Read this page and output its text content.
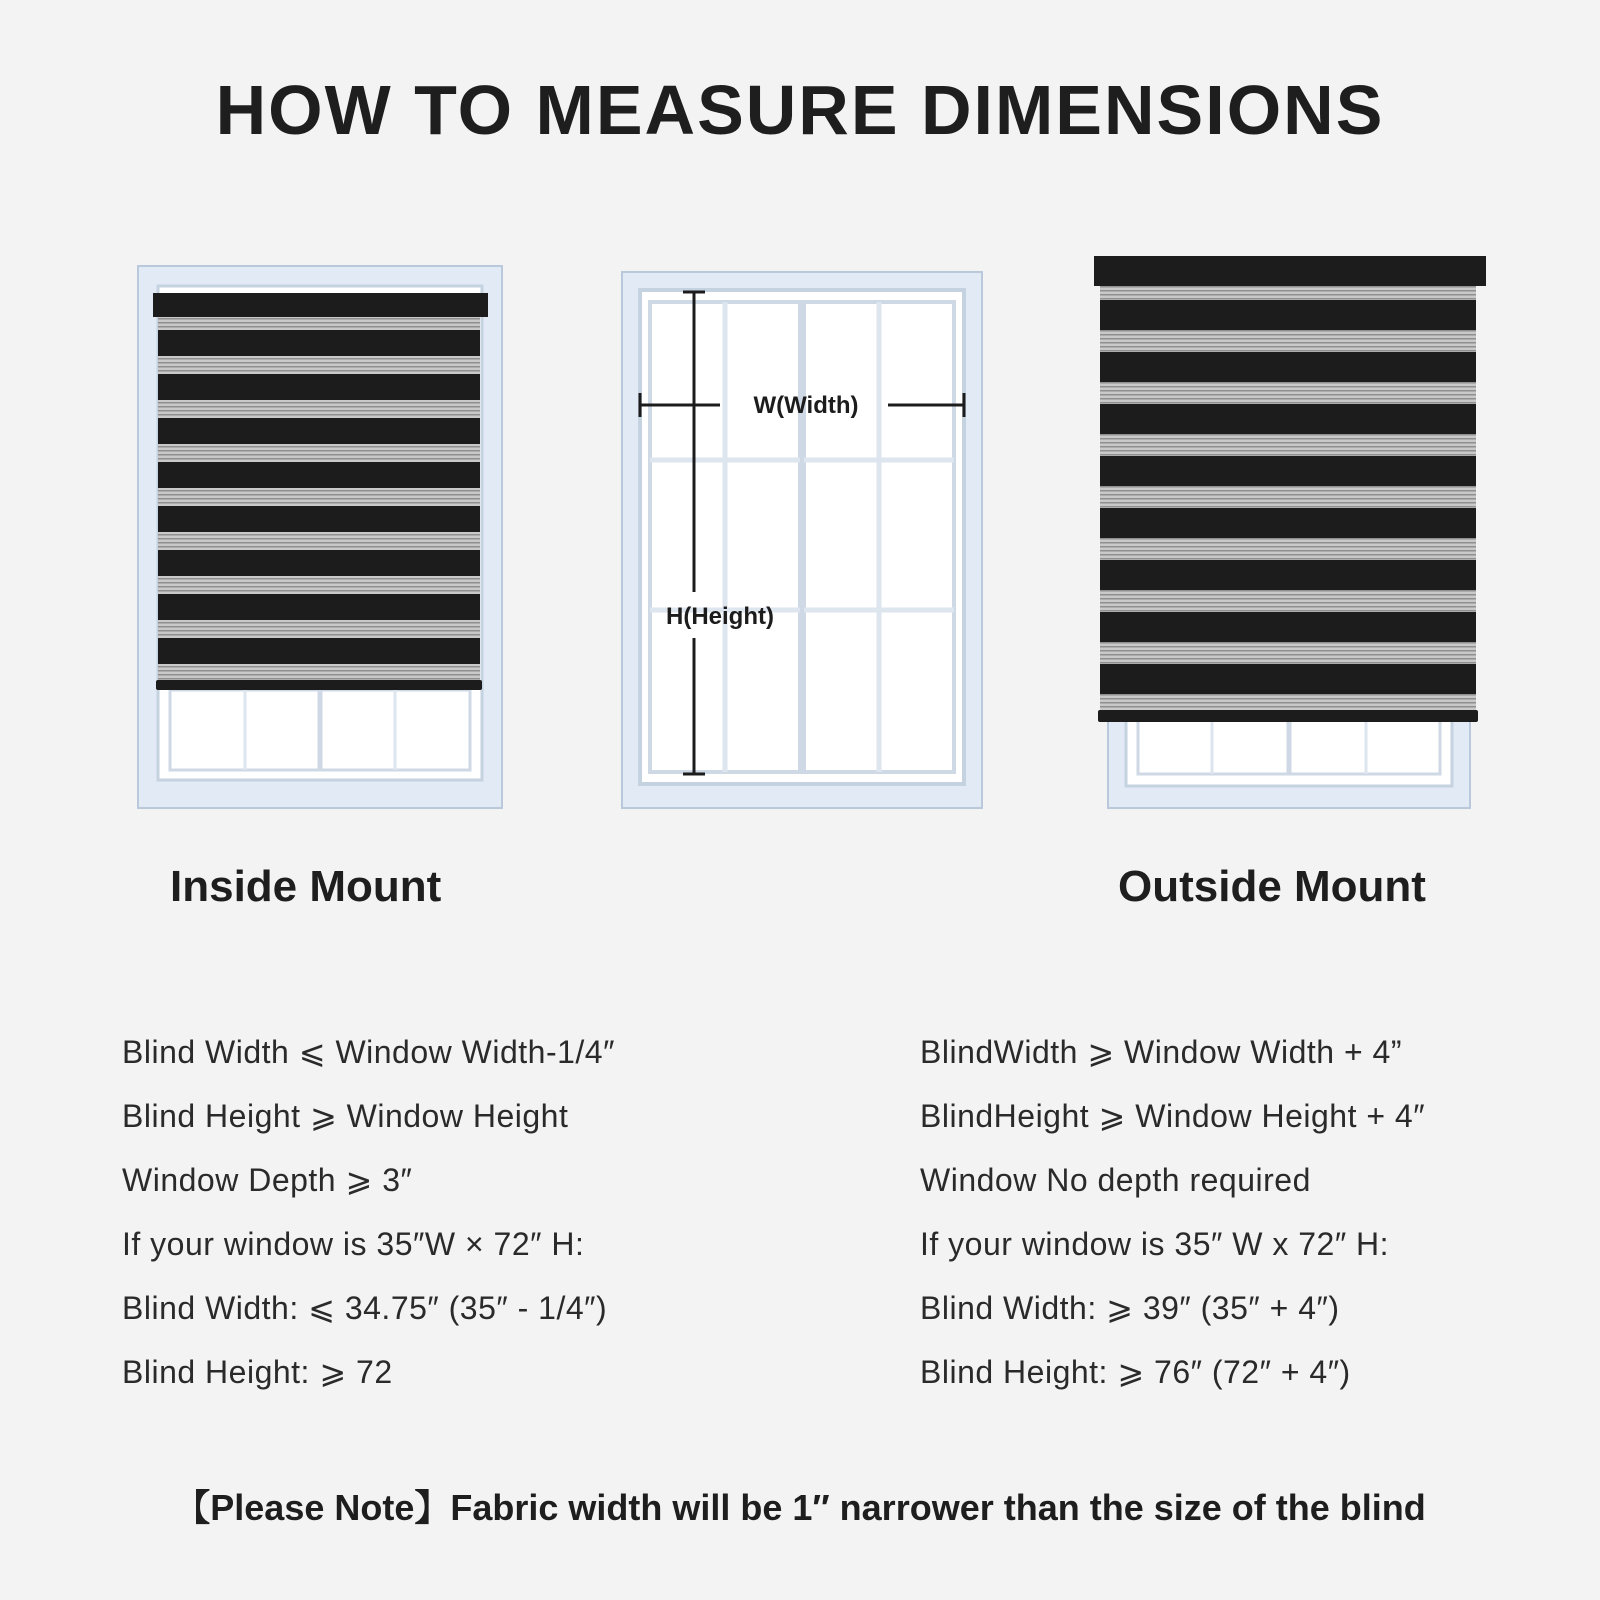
HOW TO MEASURE DIMENSIONS
W(Width)
H(Height)
Inside Mount	Outside Mount
Blind Width ⩽ Window Width-1/4″
Blind Height ⩾ Window Height
Window Depth ⩾ 3″
If your window is 35″W × 72″ H:
Blind Width: ⩽ 34.75″ (35″ - 1/4″)
Blind Height: ⩾ 72
BlindWidth ⩾ Window Width + 4”
BlindHeight ⩾ Window Height + 4″
Window No depth required
If your window is 35″ W x 72″ H:
Blind Width: ⩾ 39″ (35″ + 4″)
Blind Height: ⩾ 76″ (72″ + 4″)

【Please Note】Fabric width will be 1″ narrower than the size of the blind
